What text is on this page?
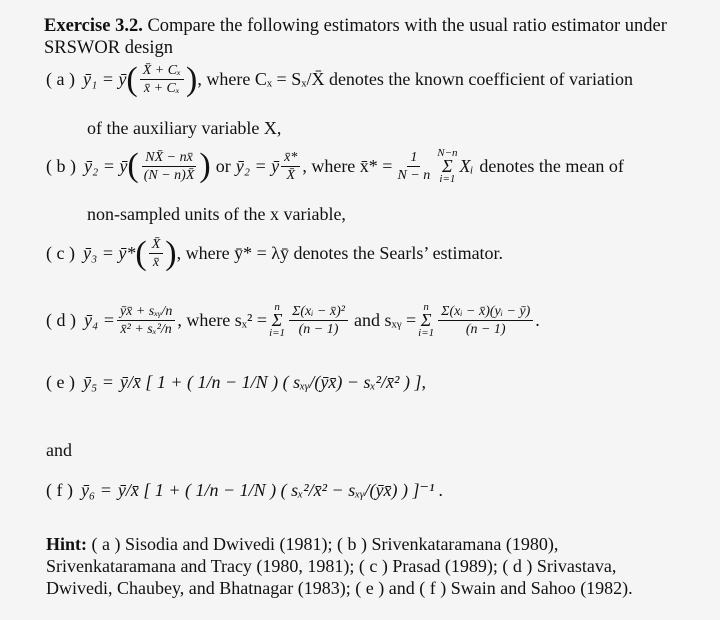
Exercise 3.2. Compare the following estimators with the usual ratio estimator under
SRSWOR design
( a ) ȳ₁ = ȳ ( $\frac{\text{X̄ + Cₓ}}{\text{x̄ + Cₓ}}$ ) , where Cₓ = Sₓ/X̄ denotes the known coefficient of variation
of the auxiliary variable X,
( b ) ȳ₂ = ȳ ( $\frac{NX̄ - nx̄}{(N - n)X̄}$ ) or ȳ₂ = ȳ $\frac{x̄*}{X̄}$ , where x̄* = $\frac{1}{N - n} N-n$
Σ
i=1
Xᵢ denotes the mean of
non-sampled units of the x variable,
( c ) ȳ₃ = ȳ* ( $\frac{X̄}{x̄}$ ) , where ȳ* = λȳ denotes the Searls’ estimator.
( d ) ȳ₄ = $\frac{\text{ȳx̄ + sₓᵧ/n}}{\text{x̄² + sₓ²/n}}$ , where sₓ² =
n
Σ
$i=1 \frac{\text{Σ(xᵢ − x̄)²}}{(n - 1)}$ and sₓᵧ =
n
Σ
$i=1 \frac{\text{Σ(xᵢ − x̄)(yᵢ − ȳ)}}{(n - 1)}$ .
( e ) ȳ₅ = ȳ/x̄ [ 1 + ( 1/n − 1/N ) ( sₓᵧ/(ȳx̄) − sₓ²/x̄² ) ],
and
( f ) ȳ₆ = ȳ/x̄ [ 1 + ( 1/n − 1/N ) ( sₓ²/x̄² − sₓᵧ/(ȳx̄) ) ]⁻¹ .
Hint: ( a ) Sisodia and Dwivedi (1981); ( b ) Srivenkataramana (1980),
Srivenkataramana and Tracy (1980, 1981); ( c ) Prasad (1989); ( d ) Srivastava,
Dwivedi, Chaubey, and Bhatnagar (1983); ( e ) and ( f ) Swain and Sahoo (1982).
